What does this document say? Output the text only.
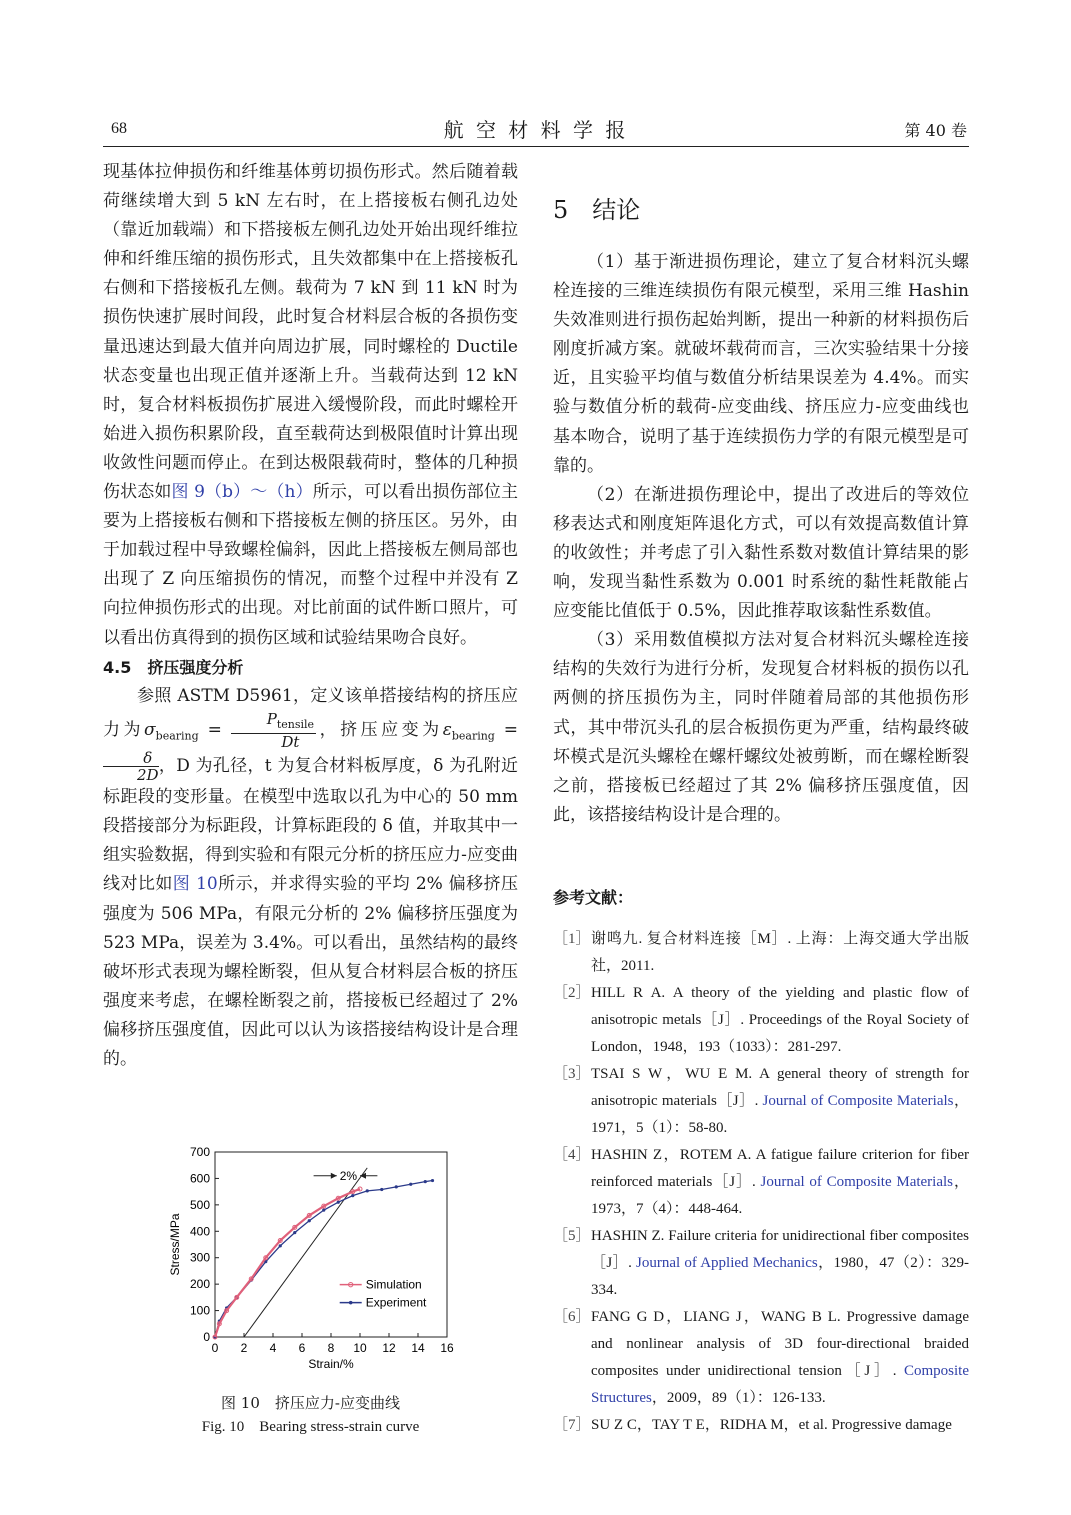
68	航 空 材 料 学 报	第 40 卷

现基体拉伸损伤和纤维基体剪切损伤形式。然后随着载荷继续增大到 5 kN 左右时，在上搭接板右侧孔边处（靠近加载端）和下搭接板左侧孔边处开始出现纤维拉伸和纤维压缩的损伤形式，且失效都集中在上搭接板孔右侧和下搭接板孔左侧。载荷为 7 kN 到 11 kN 时为损伤快速扩展时间段，此时复合材料层合板的各损伤变量迅速达到最大值并向周边扩展，同时螺栓的 Ductile 状态变量也出现正值并逐渐上升。当载荷达到 12 kN 时，复合材料板损伤扩展进入缓慢阶段，而此时螺栓开始进入损伤积累阶段，直至载荷达到极限值时计算出现收敛性问题而停止。在到达极限载荷时，整体的几种损伤状态如图 9（b）～（h）所示，可以看出损伤部位主要为上搭接板右侧和下搭接板左侧的挤压区。另外，由于加载过程中导致螺栓偏斜，因此上搭接板左侧局部也出现了 Z 向压缩损伤的情况，而整个过程中并没有 Z 向拉伸损伤形式的出现。对比前面的试件断口照片，可以看出仿真得到的损伤区域和试验结果吻合良好。

4.5　挤压强度分析

参照 ASTM D5961，定义该单搭接结构的挤压应力为$\sigma_{bearing} = \frac{P_{tensile}}{Dt}$ ，挤压应变为$\varepsilon_{bearing}$ =
$\frac{\delta}{2D}$ ，D 为孔径，t 为复合材料板厚度，δ 为孔附近标距段的变形量。在模型中选取以孔为中心的 50 mm 段搭接部分为标距段，计算标距段的 δ 值，并取其中一组实验数据，得到实验和有限元分析的挤压应力-应变曲线对比如图 10所示，并求得实验的平均 2% 偏移挤压强度为 506 MPa，有限元分析的 2% 偏移挤压强度为 523 MPa，误差为 3.4%。可以看出，虽然结构的最终破坏形式表现为螺栓断裂，但从复合材料层合板的挤压强度来考虑，在螺栓断裂之前，搭接板已经超过了 2% 偏移挤压强度值，因此可以认为该搭接结构设计是合理的。

0 2 4 6 8 10 12 14 16
0
100
200
300
400
500
600
700
Strain/%
Stress/MPa
2%
Experiment
Simulation
图 10　挤压应力-应变曲线
Fig. 10　Bearing stress-strain curve
5　结论

（1）基于渐进损伤理论，建立了复合材料沉头螺栓连接的三维连续损伤有限元模型，采用三维 Hashin 失效准则进行损伤起始判断，提出一种新的材料损伤后刚度折减方案。就破坏载荷而言，三次实验结果十分接近，且实验平均值与数值分析结果误差为 4.4%。而实验与数值分析的载荷-应变曲线、挤压应力-应变曲线也基本吻合，说明了基于连续损伤力学的有限元模型是可靠的。

（2）在渐进损伤理论中，提出了改进后的等效位移表达式和刚度矩阵退化方式，可以有效提高数值计算的收敛性；并考虑了引入黏性系数对数值计算结果的影响，发现当黏性系数为 0.001 时系统的黏性耗散能占应变能比值低于 0.5%，因此推荐取该黏性系数值。

（3）采用数值模拟方法对复合材料沉头螺栓连接结构的失效行为进行分析，发现复合材料板的损伤以孔两侧的挤压损伤为主，同时伴随着局部的其他损伤形式，其中带沉头孔的层合板损伤更为严重，结构最终破坏模式是沉头螺栓在螺杆螺纹处被剪断，而在螺栓断裂之前，搭接板已经超过了其 2% 偏移挤压强度值，因此，该搭接结构设计是合理的。

参考文献：
［1］ 谢鸣九. 复合材料连接［M］. 上海：上海交通大学出版社，2011.
［2］ HILL R A. A theory of the yielding and plastic flow of anisotropic metals［J］. Proceedings of the Royal Society of London，1948，193（1033）：281-297.
［3］ TSAI S W，WU E M. A general theory of strength for anisotropic materials［J］. Journal of Composite Materials，1971，5（1）：58-80.
［4］ HASHIN Z，ROTEM A. A fatigue failure criterion for fiber reinforced materials［J］. Journal of Composite Materials，1973，7（4）：448-464.
［5］ HASHIN Z. Failure criteria for unidirectional fiber composites［J］. Journal of Applied Mechanics，1980，47（2）：329-334.
［6］ FANG G D，LIANG J，WANG B L. Progressive damage and nonlinear analysis of 3D four-directional braided composites under unidirectional tension［J］. Composite Structures，2009，89（1）：126-133.
［7］ SU Z C，TAY T E，RIDHA M，et al. Progressive damage
